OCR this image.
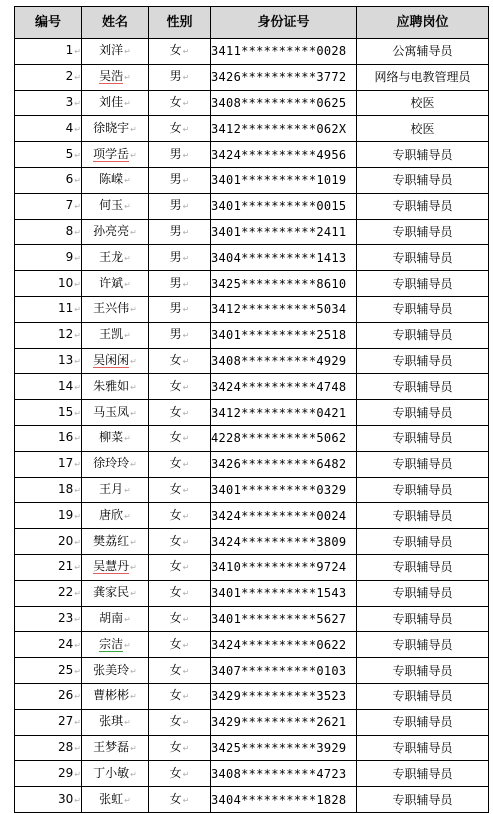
编号	姓名	性别	身份证号	应聘岗位
1↵	刘洋↵	女↵	3411**********0028	公寓辅导员
2↵	吴浩↵	男↵	3426**********3772	网络与电教管理员
3↵	刘佳↵	女↵	3408**********0625	校医
4↵	徐晓宇↵	女↵	3412**********062X	校医
5↵	项学岳↵	男↵	3424**********4956	专职辅导员
6↵	陈嵘↵	男↵	3401**********1019	专职辅导员
7↵	何玉↵	男↵	3401**********0015	专职辅导员
8↵	孙亮亮↵	男↵	3401**********2411	专职辅导员
9↵	王龙↵	男↵	3404**********1413	专职辅导员
10↵	许斌↵	男↵	3425**********8610	专职辅导员
11↵	王兴伟↵	男↵	3412**********5034	专职辅导员
12↵	王凯↵	男↵	3401**********2518	专职辅导员
13↵	吴闲闲↵	女↵	3408**********4929	专职辅导员
14↵	朱雅如↵	女↵	3424**********4748	专职辅导员
15↵	马玉凤↵	女↵	3412**********0421	专职辅导员
16↵	柳菜↵	女↵	4228**********5062	专职辅导员
17↵	徐玲玲↵	女↵	3426**********6482	专职辅导员
18↵	王月↵	女↵	3401**********0329	专职辅导员
19↵	唐欣↵	女↵	3424**********0024	专职辅导员
20↵	樊荔红↵	女↵	3424**********3809	专职辅导员
21↵	吴慧丹↵	女↵	3410**********9724	专职辅导员
22↵	龚家民↵	女↵	3401**********1543	专职辅导员
23↵	胡南↵	女↵	3401**********5627	专职辅导员
24↵	宗洁↵	女↵	3424**********0622	专职辅导员
25↵	张美玲↵	女↵	3407**********0103	专职辅导员
26↵	曹彬彬↵	女↵	3429**********3523	专职辅导员
27↵	张琪↵	女↵	3429**********2621	专职辅导员
28↵	王梦磊↵	女↵	3425**********3929	专职辅导员
29↵	丁小敏↵	女↵	3408**********4723	专职辅导员
30↵	张虹↵	女↵	3404**********1828	专职辅导员
